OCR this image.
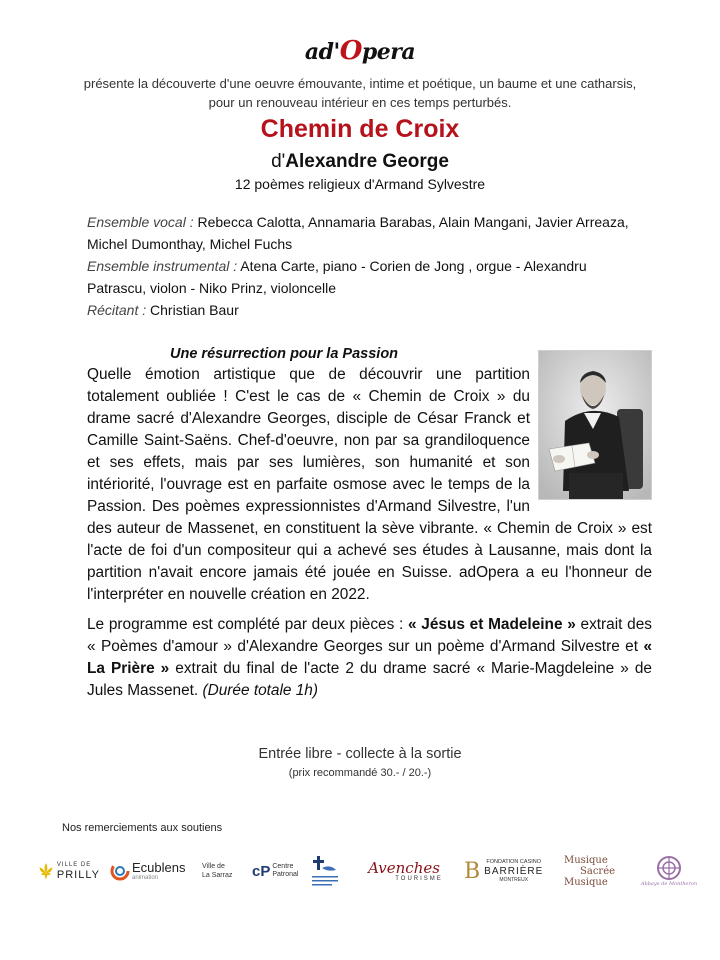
ad'Opera
présente la découverte d'une oeuvre émouvante, intime et poétique, un baume et une catharsis, pour un renouveau intérieur en ces temps perturbés.
Chemin de Croix
d'Alexandre George
12 poèmes religieux d'Armand Sylvestre

Ensemble vocal : Rebecca Calotta, Annamaria Barabas, Alain Mangani, Javier Arreaza, Michel Dumonthay, Michel Fuchs

Ensemble instrumental : Atena Carte, piano - Corien de Jong , orgue - Alexandru Patrascu, violon - Niko Prinz, violoncelle

Récitant : Christian Baur

Une résurrection pour la Passion

Quelle émotion artistique que de découvrir une partition totalement oubliée ! C'est le cas de « Chemin de Croix » du drame sacré d'Alexandre Georges, disciple de César Franck et Camille Saint-Saëns. Chef-d'oeuvre, non par sa grandiloquence et ses effets, mais par ses lumières, son humanité et son intériorité, l'ouvrage est en parfaite osmose avec le temps de la Passion. Des poèmes expressionnistes d'Armand Silvestre, l'un des auteur de Massenet, en constituent la sève vibrante. « Chemin de Croix » est l'acte de foi d'un compositeur qui a achevé ses études à Lausanne, mais dont la partition n'avait encore jamais été jouée en Suisse. adOpera a eu l'honneur de l'interpréter en nouvelle création en 2022.

Le programme est complété par deux pièces : « Jésus et Madeleine » extrait des « Poèmes d'amour » d'Alexandre Georges sur un poème d'Armand Silvestre et « La Prière » extrait du final de l'acte 2 du drame sacré « Marie-Magdeleine » de Jules Massenet. (Durée totale 1h)

Entrée libre - collecte à la sortie
(prix recommandé 30.- / 20.-)
Nos remerciements aux soutiens
VILLE DE
PRILLY Ecublens
animation
Ville de
La Sarraz cP Centre
Patronal	Avenches
TOURISME B FONDATION CASINO
BARRIÈRE
MONTREUX
Musique
Sacrée
Musique	Abbaye de Montheron
